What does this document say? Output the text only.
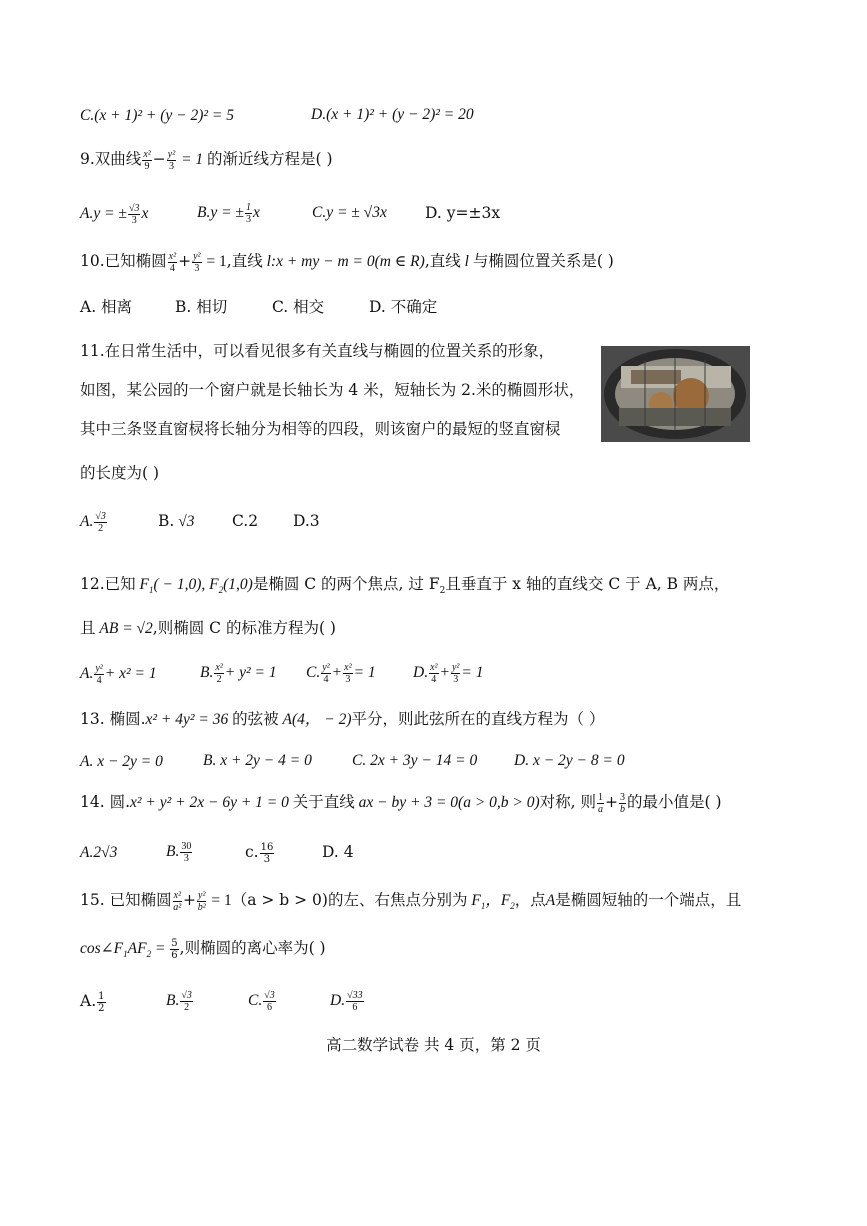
C.(x + 1)² + (y − 2)² = 5	D.(x + 1)² + (y − 2)² = 20
9.双曲线 $\frac{\text{x²}}{9} - \frac{\text{y²}}{3} = 1$ 的渐近线方程是( )
A.y = ± $\frac{√3}{3}$ x	B.y = ± $\frac{1}{3}$ x	C.y = ± √3x D. y=±3x
10.已知椭圆 $\frac{\text{x²}}{4} + \frac{\text{y²}}{3} = 1$,直线 l:x + my − m = 0(m ∈ R),直线 l 与椭圆位置关系是( )
A. 相离	B. 相切	C. 相交	D. 不确定
11.在日常生活中，可以看见很多有关直线与椭圆的位置关系的形象，
如图，某公园的一个窗户就是长轴长为 4 米，短轴长为 2.米的椭圆形状，
其中三条竖直窗棂将长轴分为相等的四段，则该窗户的最短的竖直窗棂
的长度为( )
A. $\frac{√3}{2}$	B. √3 C.2 D.3
12.已知 $F_1( - 1,0)$, $F_2(1,0)$是椭圆 C 的两个焦点, 过 $F_2$且垂直于 x 轴的直线交 C 于 A, B 两点，
且 AB = √2,则椭圆 C 的标准方程为( )
A. $\frac{\text{y²}}{4} + x^2 = 1$	B. $\frac{\text{x²}}{2} + y^2 = 1$ C. $\frac{\text{y²}}{4} + \frac{\text{x²}}{3} = 1$ D. $\frac{\text{x²}}{4} + \frac{\text{y²}}{3} = 1$
13. 椭圆.x² + 4y² = 36 的弦被 A(4， − 2)平分，则此弦所在的直线方程为（ ）
A. x − 2y = 0	B. x + 2y − 4 = 0	C. 2x + 3y − 14 = 0 D. x − 2y − 8 = 0
14. 圆.x² + y² + 2x − 6y + 1 = 0 关于直线 ax − by + 3 = 0(a > 0,b > 0)对称, 则 $\frac{1}{a} + \frac{3}{b}$ 的最小值是( )
A.2√3	B. $\frac{30}{3}$	c. $\frac{16}{3}$	D. 4
15. 已知椭圆 $\frac{\text{x²}}{\text{a²}} + \frac{\text{y²}}{\text{b²}} = 1(a > b > 0)$的左、右焦点分别为 $F_1$，$F_2$，点A是椭圆短轴的一个端点，且
$\cos\angle F_1AF_2 = \frac{5}{6}$ ,则椭圆的离心率为( )
A. $\frac{1}{2}$	B. $\frac{√3}{2}$	C. $\frac{√3}{6}$	D. $\frac{√33}{6}$
高二数学试卷 共 4 页，第 2 页
